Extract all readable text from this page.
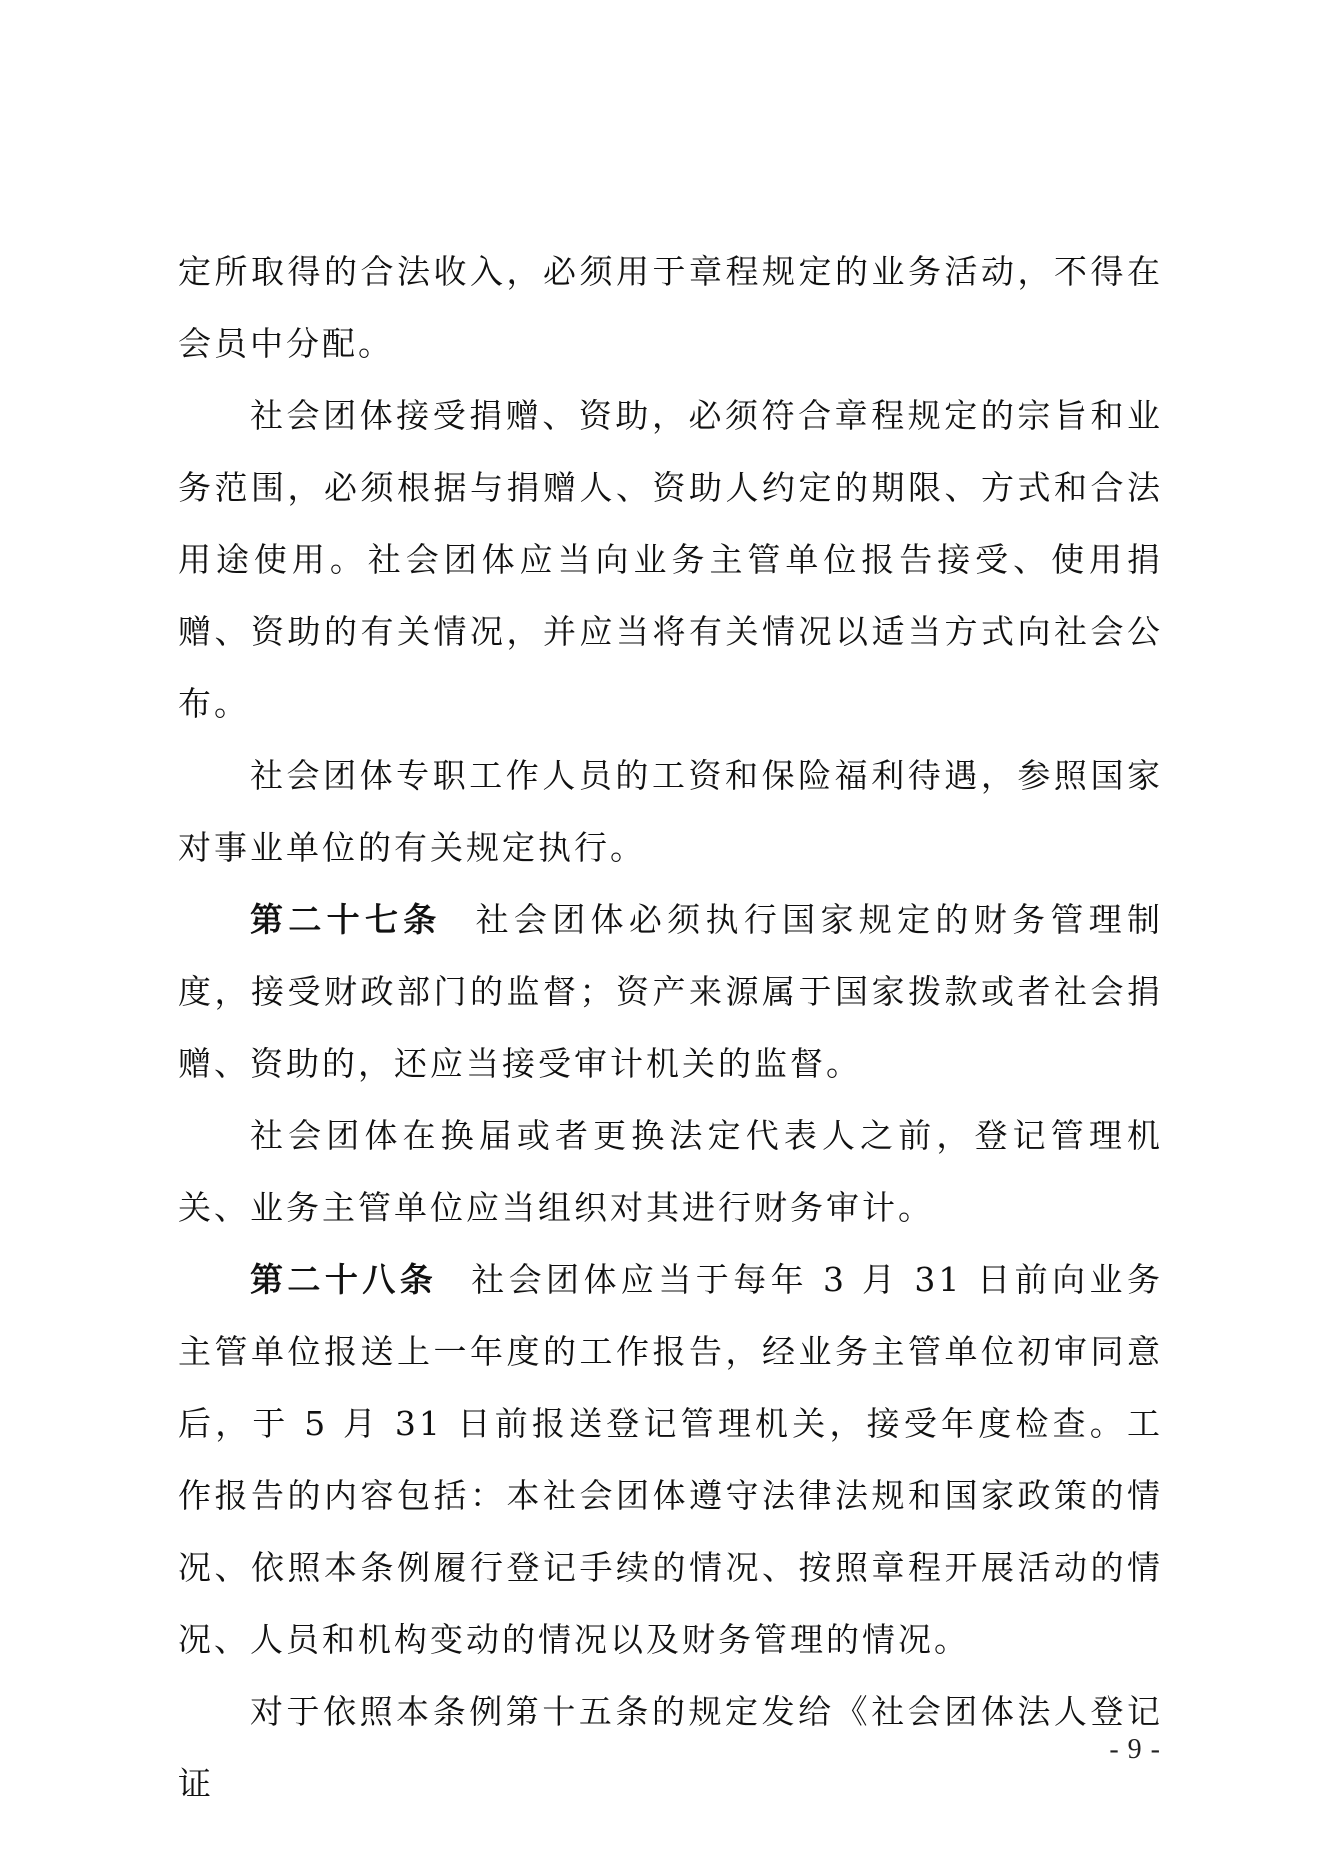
定所取得的合法收入，必须用于章程规定的业务活动，不得在会员中分配。

社会团体接受捐赠、资助，必须符合章程规定的宗旨和业务范围，必须根据与捐赠人、资助人约定的期限、方式和合法用途使用。社会团体应当向业务主管单位报告接受、使用捐赠、资助的有关情况，并应当将有关情况以适当方式向社会公布。

社会团体专职工作人员的工资和保险福利待遇，参照国家对事业单位的有关规定执行。

第二十七条 社会团体必须执行国家规定的财务管理制度，接受财政部门的监督；资产来源属于国家拨款或者社会捐赠、资助的，还应当接受审计机关的监督。

社会团体在换届或者更换法定代表人之前，登记管理机关、业务主管单位应当组织对其进行财务审计。

第二十八条 社会团体应当于每年 3 月 31 日前向业务主管单位报送上一年度的工作报告，经业务主管单位初审同意后，于 5 月 31 日前报送登记管理机关，接受年度检查。工作报告的内容包括：本社会团体遵守法律法规和国家政策的情况、依照本条例履行登记手续的情况、按照章程开展活动的情况、人员和机构变动的情况以及财务管理的情况。

对于依照本条例第十五条的规定发给《社会团体法人登记证

- 9 -
